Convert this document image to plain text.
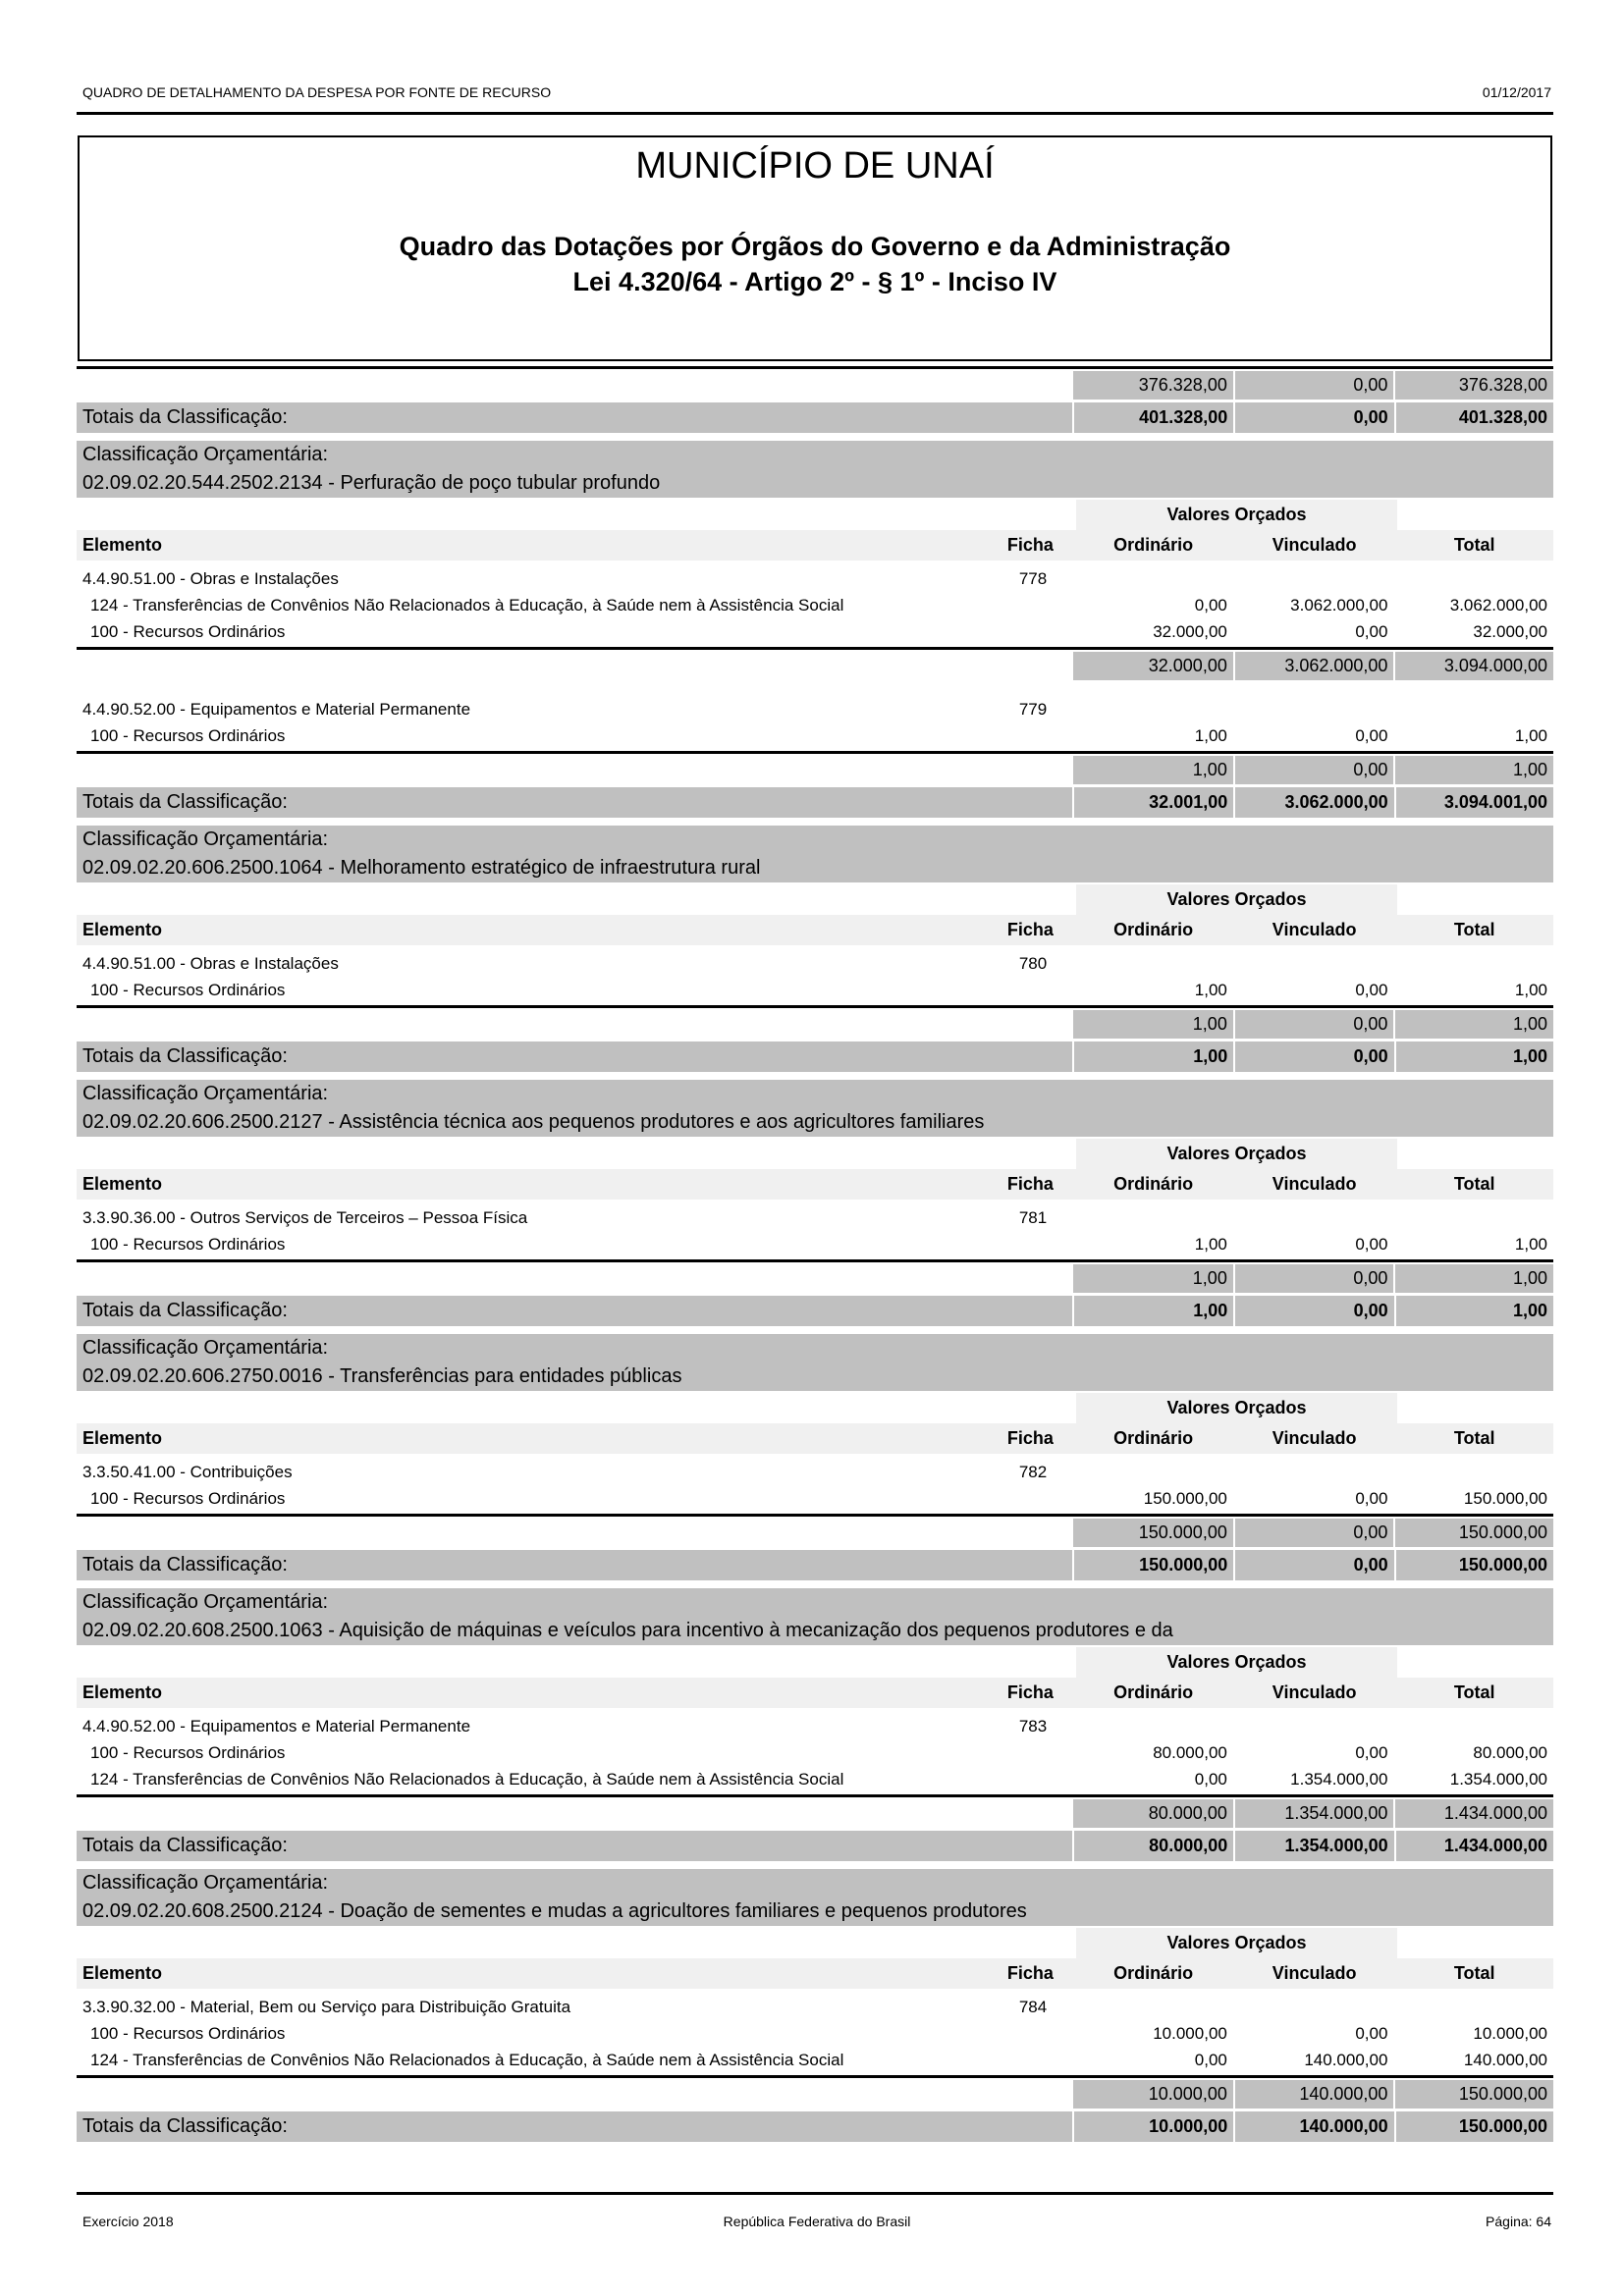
QUADRO DE DETALHAMENTO DA DESPESA POR FONTE DE RECURSO	01/12/2017
MUNICÍPIO DE UNAÍ
Quadro das Dotações por Órgãos do Governo e da Administração
Lei 4.320/64 - Artigo 2º - § 1º - Inciso IV
376.328,00	0,00	376.328,00
Totais da Classificação:	401.328,00	0,00	401.328,00
Classificação Orçamentária:
02.09.02.20.544.2502.2134 - Perfuração de poço tubular profundo
Valores Orçados
Elemento	Ficha	Ordinário	Vinculado	Total
4.4.90.51.00 - Obras e Instalações	778
124 - Transferências de Convênios Não Relacionados à Educação, à Saúde nem à Assistência Social	0,00	3.062.000,00	3.062.000,00
100 - Recursos Ordinários	32.000,00	0,00	32.000,00
32.000,00	3.062.000,00	3.094.000,00
4.4.90.52.00 - Equipamentos e Material Permanente	779
100 - Recursos Ordinários	1,00	0,00	1,00
1,00	0,00	1,00
Totais da Classificação:	32.001,00	3.062.000,00	3.094.001,00
Classificação Orçamentária:
02.09.02.20.606.2500.1064 - Melhoramento estratégico de infraestrutura rural
Valores Orçados
Elemento	Ficha	Ordinário	Vinculado	Total
4.4.90.51.00 - Obras e Instalações	780
100 - Recursos Ordinários	1,00	0,00	1,00
1,00	0,00	1,00
Totais da Classificação:	1,00	0,00	1,00
Classificação Orçamentária:
02.09.02.20.606.2500.2127 - Assistência técnica aos pequenos produtores e aos agricultores familiares
Valores Orçados
Elemento	Ficha	Ordinário	Vinculado	Total
3.3.90.36.00 - Outros Serviços de Terceiros – Pessoa Física	781
100 - Recursos Ordinários	1,00	0,00	1,00
1,00	0,00	1,00
Totais da Classificação:	1,00	0,00	1,00
Classificação Orçamentária:
02.09.02.20.606.2750.0016 - Transferências para entidades públicas
Valores Orçados
Elemento	Ficha	Ordinário	Vinculado	Total
3.3.50.41.00 - Contribuições	782
100 - Recursos Ordinários	150.000,00	0,00	150.000,00
150.000,00	0,00	150.000,00
Totais da Classificação:	150.000,00	0,00	150.000,00
Classificação Orçamentária:
02.09.02.20.608.2500.1063 - Aquisição de máquinas e veículos para incentivo à mecanização dos pequenos produtores e da
Valores Orçados
Elemento	Ficha	Ordinário	Vinculado	Total
4.4.90.52.00 - Equipamentos e Material Permanente	783
100 - Recursos Ordinários	80.000,00	0,00	80.000,00
124 - Transferências de Convênios Não Relacionados à Educação, à Saúde nem à Assistência Social	0,00	1.354.000,00	1.354.000,00
80.000,00	1.354.000,00	1.434.000,00
Totais da Classificação:	80.000,00	1.354.000,00	1.434.000,00
Classificação Orçamentária:
02.09.02.20.608.2500.2124 - Doação de sementes e mudas a agricultores familiares e pequenos produtores
Valores Orçados
Elemento	Ficha	Ordinário	Vinculado	Total
3.3.90.32.00 - Material, Bem ou Serviço para Distribuição Gratuita	784
100 - Recursos Ordinários	10.000,00	0,00	10.000,00
124 - Transferências de Convênios Não Relacionados à Educação, à Saúde nem à Assistência Social	0,00	140.000,00	140.000,00
10.000,00	140.000,00	150.000,00
Totais da Classificação:	10.000,00	140.000,00	150.000,00
Exercício 2018	República Federativa do Brasil	Página: 64
